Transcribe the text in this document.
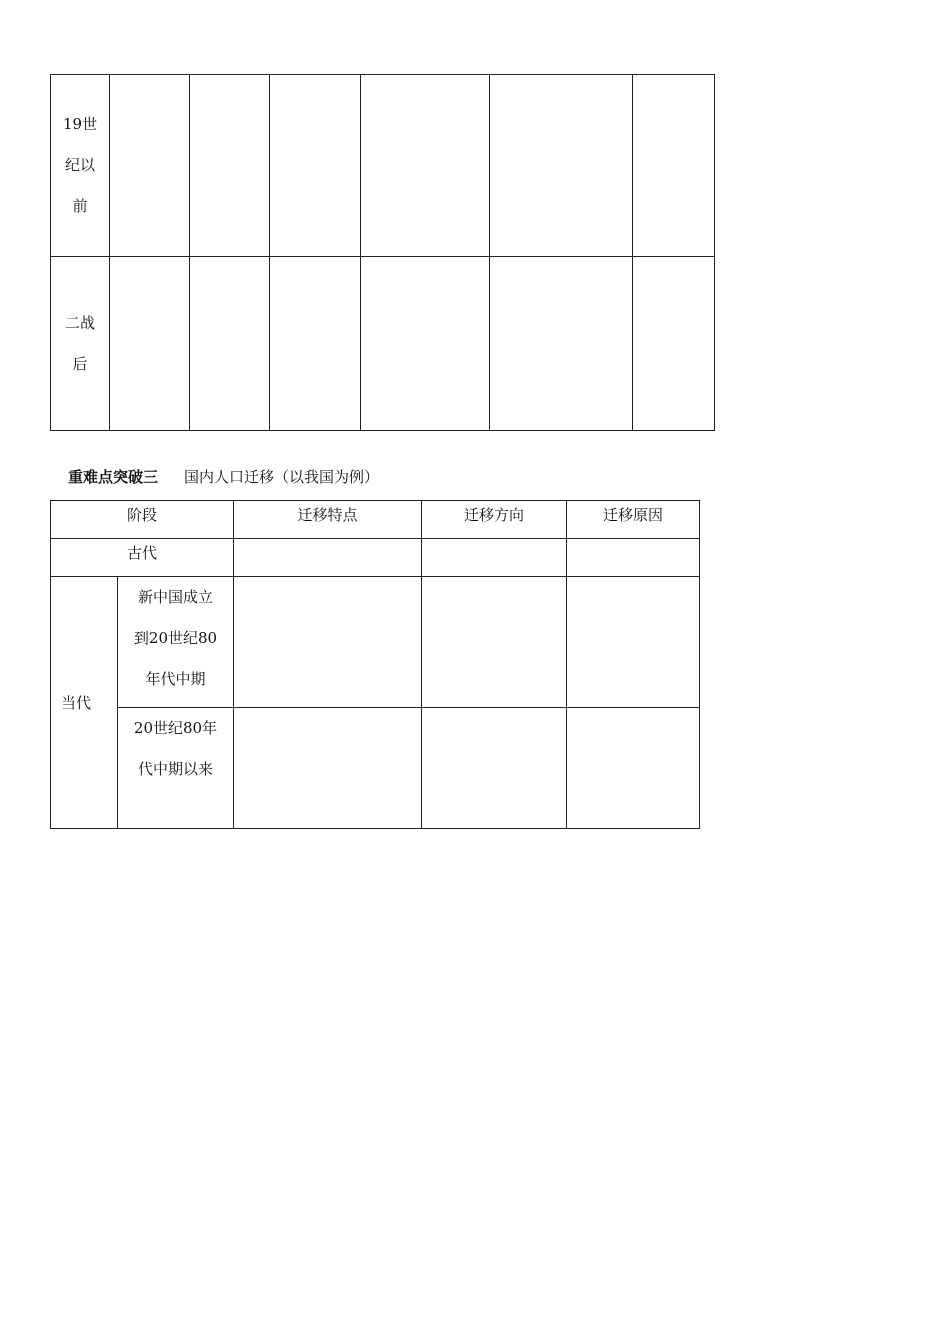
19世
纪以
前						

二战
后						

重难点突破三 国内人口迁移（以我国为例）
阶段		迁移特点	迁移方向	迁移原因
古代				
当代	新中国成立
到20世纪80
年代中期			

	20世纪80年
代中期以来			
